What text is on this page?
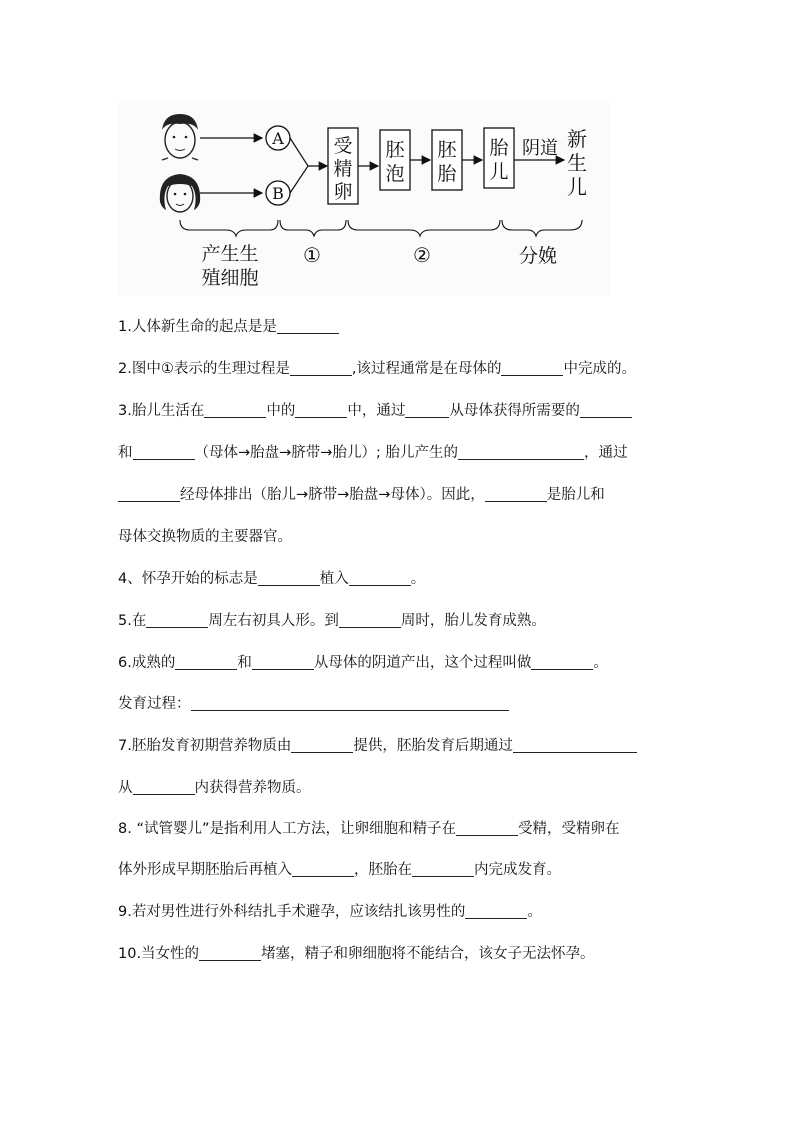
A
B
受
精
卵
胚
泡
胚
胎
胎
儿
阴道 新
生
儿
产生生
殖细胞
①	②	分娩
1.人体新生命的起点是是
2.图中①表示的生理过程是	,该过程通常是在母体的	中完成的。
3.胎儿生活在	中的	中，通过	从母体获得所需要的
和	（母体→胎盘→脐带→胎儿）; 胎儿产生的	，通过
经母体排出（胎儿→脐带→胎盘→母体）。因此，	是胎儿和
母体交换物质的主要器官。
4、怀孕开始的标志是	植入	。
5.在	周左右初具人形。到	周时，胎儿发育成熟。
6.成熟的	和	从母体的阴道产出，这个过程叫做	。
发育过程：
7.胚胎发育初期营养物质由	提供，胚胎发育后期通过
从	内获得营养物质。
8. “试管婴儿”是指利用人工方法，让卵细胞和精子在	受精，受精卵在
体外形成早期胚胎后再植入	，胚胎在	内完成发育。
9.若对男性进行外科结扎手术避孕，应该结扎该男性的	。
10.当女性的	堵塞，精子和卵细胞将不能结合，该女子无法怀孕。
